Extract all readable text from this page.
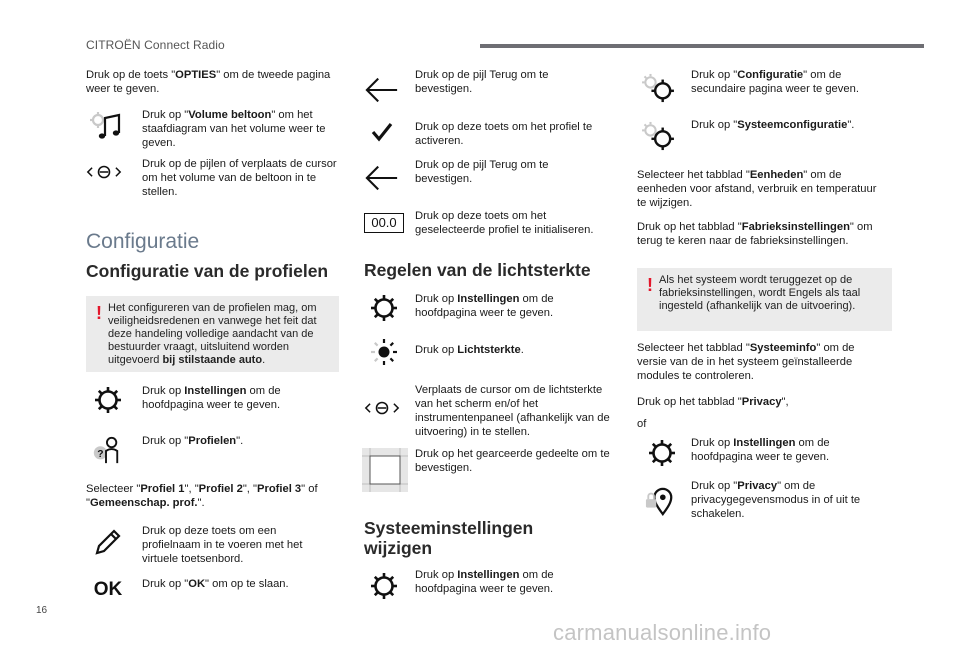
CITROËN Connect Radio
Druk op de toets "OPTIES" om de tweede pagina weer te geven.
Druk op "Volume beltoon" om het staafdiagram van het volume weer te geven.
Druk op de pijlen of verplaats de cursor om het volume van de beltoon in te stellen.
Configuratie
Configuratie van de profielen
! Het configureren van de profielen mag, om veiligheidsredenen en vanwege het feit dat deze handeling volledige aandacht van de bestuurder vraagt, uitsluitend worden uitgevoerd bij stilstaande auto.
Druk op Instellingen om de hoofdpagina weer te geven.
?
Druk op "Profielen".
Selecteer "Profiel 1", "Profiel 2", "Profiel 3" of "Gemeenschap. prof.".
Druk op deze toets om een profielnaam in te voeren met het virtuele toetsenbord.
OK Druk op "OK" om op te slaan.
Druk op de pijl Terug om te bevestigen.
Druk op deze toets om het profiel te activeren.
Druk op de pijl Terug om te bevestigen.
00.0 Druk op deze toets om het geselecteerde profiel te initialiseren.
Regelen van de lichtsterkte
Druk op Instellingen om de hoofdpagina weer te geven.
Druk op Lichtsterkte.
Verplaats de cursor om de lichtsterkte van het scherm en/of het instrumentenpaneel (afhankelijk van de uitvoering) in te stellen.
Druk op het gearceerde gedeelte om te bevestigen.
Systeeminstellingen wijzigen
Druk op Instellingen om de hoofdpagina weer te geven.
Druk op "Configuratie" om de secundaire pagina weer te geven.
Druk op "Systeemconfiguratie".
Selecteer het tabblad "Eenheden" om de eenheden voor afstand, verbruik en temperatuur te wijzigen.
Druk op het tabblad "Fabrieksinstellingen" om terug te keren naar de fabrieksinstellingen.
! Als het systeem wordt teruggezet op de fabrieksinstellingen, wordt Engels als taal ingesteld (afhankelijk van de uitvoering).
Selecteer het tabblad "Systeeminfo" om de versie van de in het systeem geïnstalleerde modules te controleren.
Druk op het tabblad "Privacy",
of
Druk op Instellingen om de hoofdpagina weer te geven.
Druk op "Privacy" om de privacygegevensmodus in of uit te schakelen.
16
carmanualsonline.info
